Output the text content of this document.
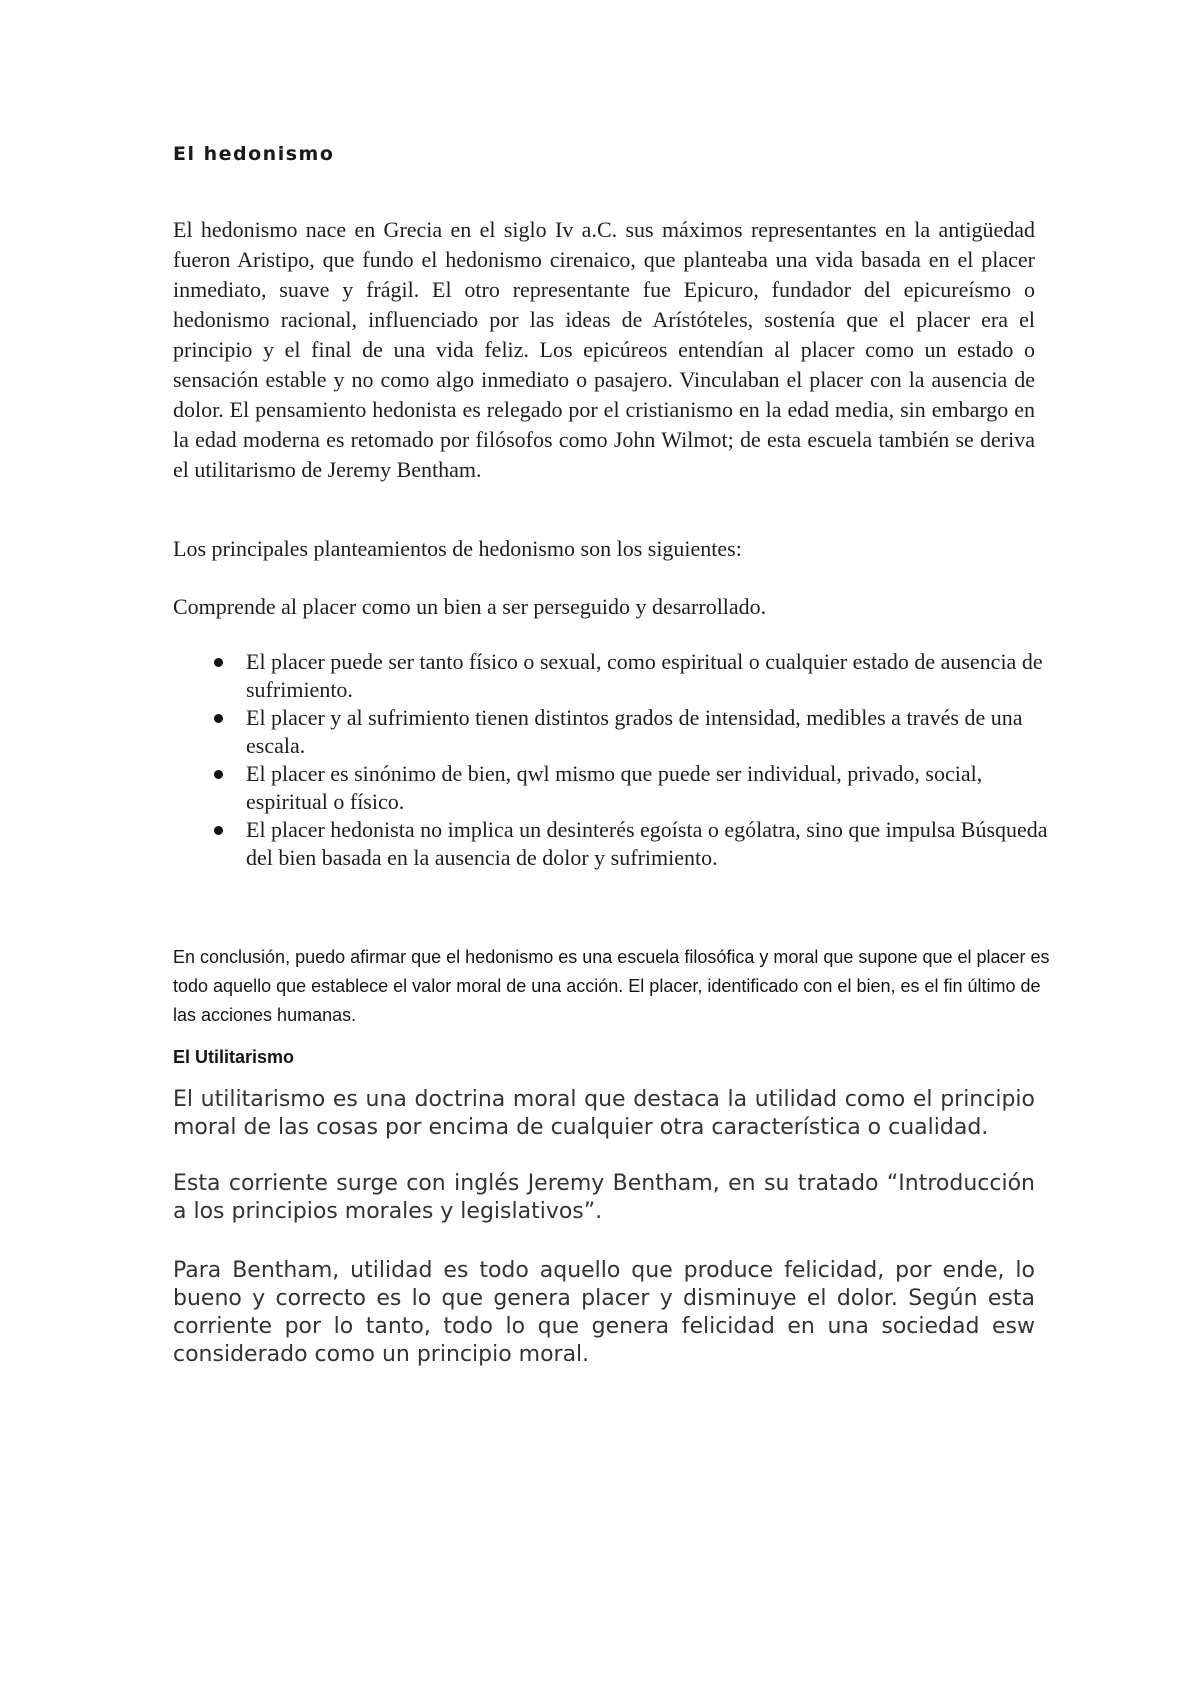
El hedonismo

El hedonismo nace en Grecia en el siglo Iv a.C. sus máximos representantes en la antigüedad fueron Aristipo, que fundo el hedonismo cirenaico, que planteaba una vida basada en el placer inmediato, suave y frágil. El otro representante fue Epicuro, fundador del epicureísmo o hedonismo racional, influenciado por las ideas de Arístóteles, sostenía que el placer era el principio y el final de una vida feliz. Los epicúreos entendían al placer como un estado o sensación estable y no como algo inmediato o pasajero. Vinculaban el placer con la ausencia de dolor. El pensamiento hedonista es relegado por el cristianismo en la edad media, sin embargo en la edad moderna es retomado por filósofos como John Wilmot; de esta escuela también se deriva el utilitarismo de Jeremy Bentham.

Los principales planteamientos de hedonismo son los siguientes:

Comprende al placer como un bien a ser perseguido y desarrollado.

El placer puede ser tanto físico o sexual, como espiritual o cualquier estado de ausencia de sufrimiento.
El placer y al sufrimiento tienen distintos grados de intensidad, medibles a través de una escala.
El placer es sinónimo de bien, qwl mismo que puede ser individual, privado, social, espiritual o físico.
El placer hedonista no implica un desinterés egoísta o ególatra, sino que impulsa Búsqueda del bien basada en la ausencia de dolor y sufrimiento.

En conclusión, puedo afirmar que el hedonismo es una escuela filosófica y moral que supone que el placer es todo aquello que establece el valor moral de una acción. El placer, identificado con el bien, es el fin último de las acciones humanas.

El Utilitarismo

El utilitarismo es una doctrina moral que destaca la utilidad como el principio moral de las cosas por encima de cualquier otra característica o cualidad.

Esta corriente surge con inglés Jeremy Bentham, en su tratado “Introducción a los principios morales y legislativos”.

Para Bentham, utilidad es todo aquello que produce felicidad, por ende, lo bueno y correcto es lo que genera placer y disminuye el dolor. Según esta corriente por lo tanto, todo lo que genera felicidad en una sociedad esw considerado como un principio moral.
